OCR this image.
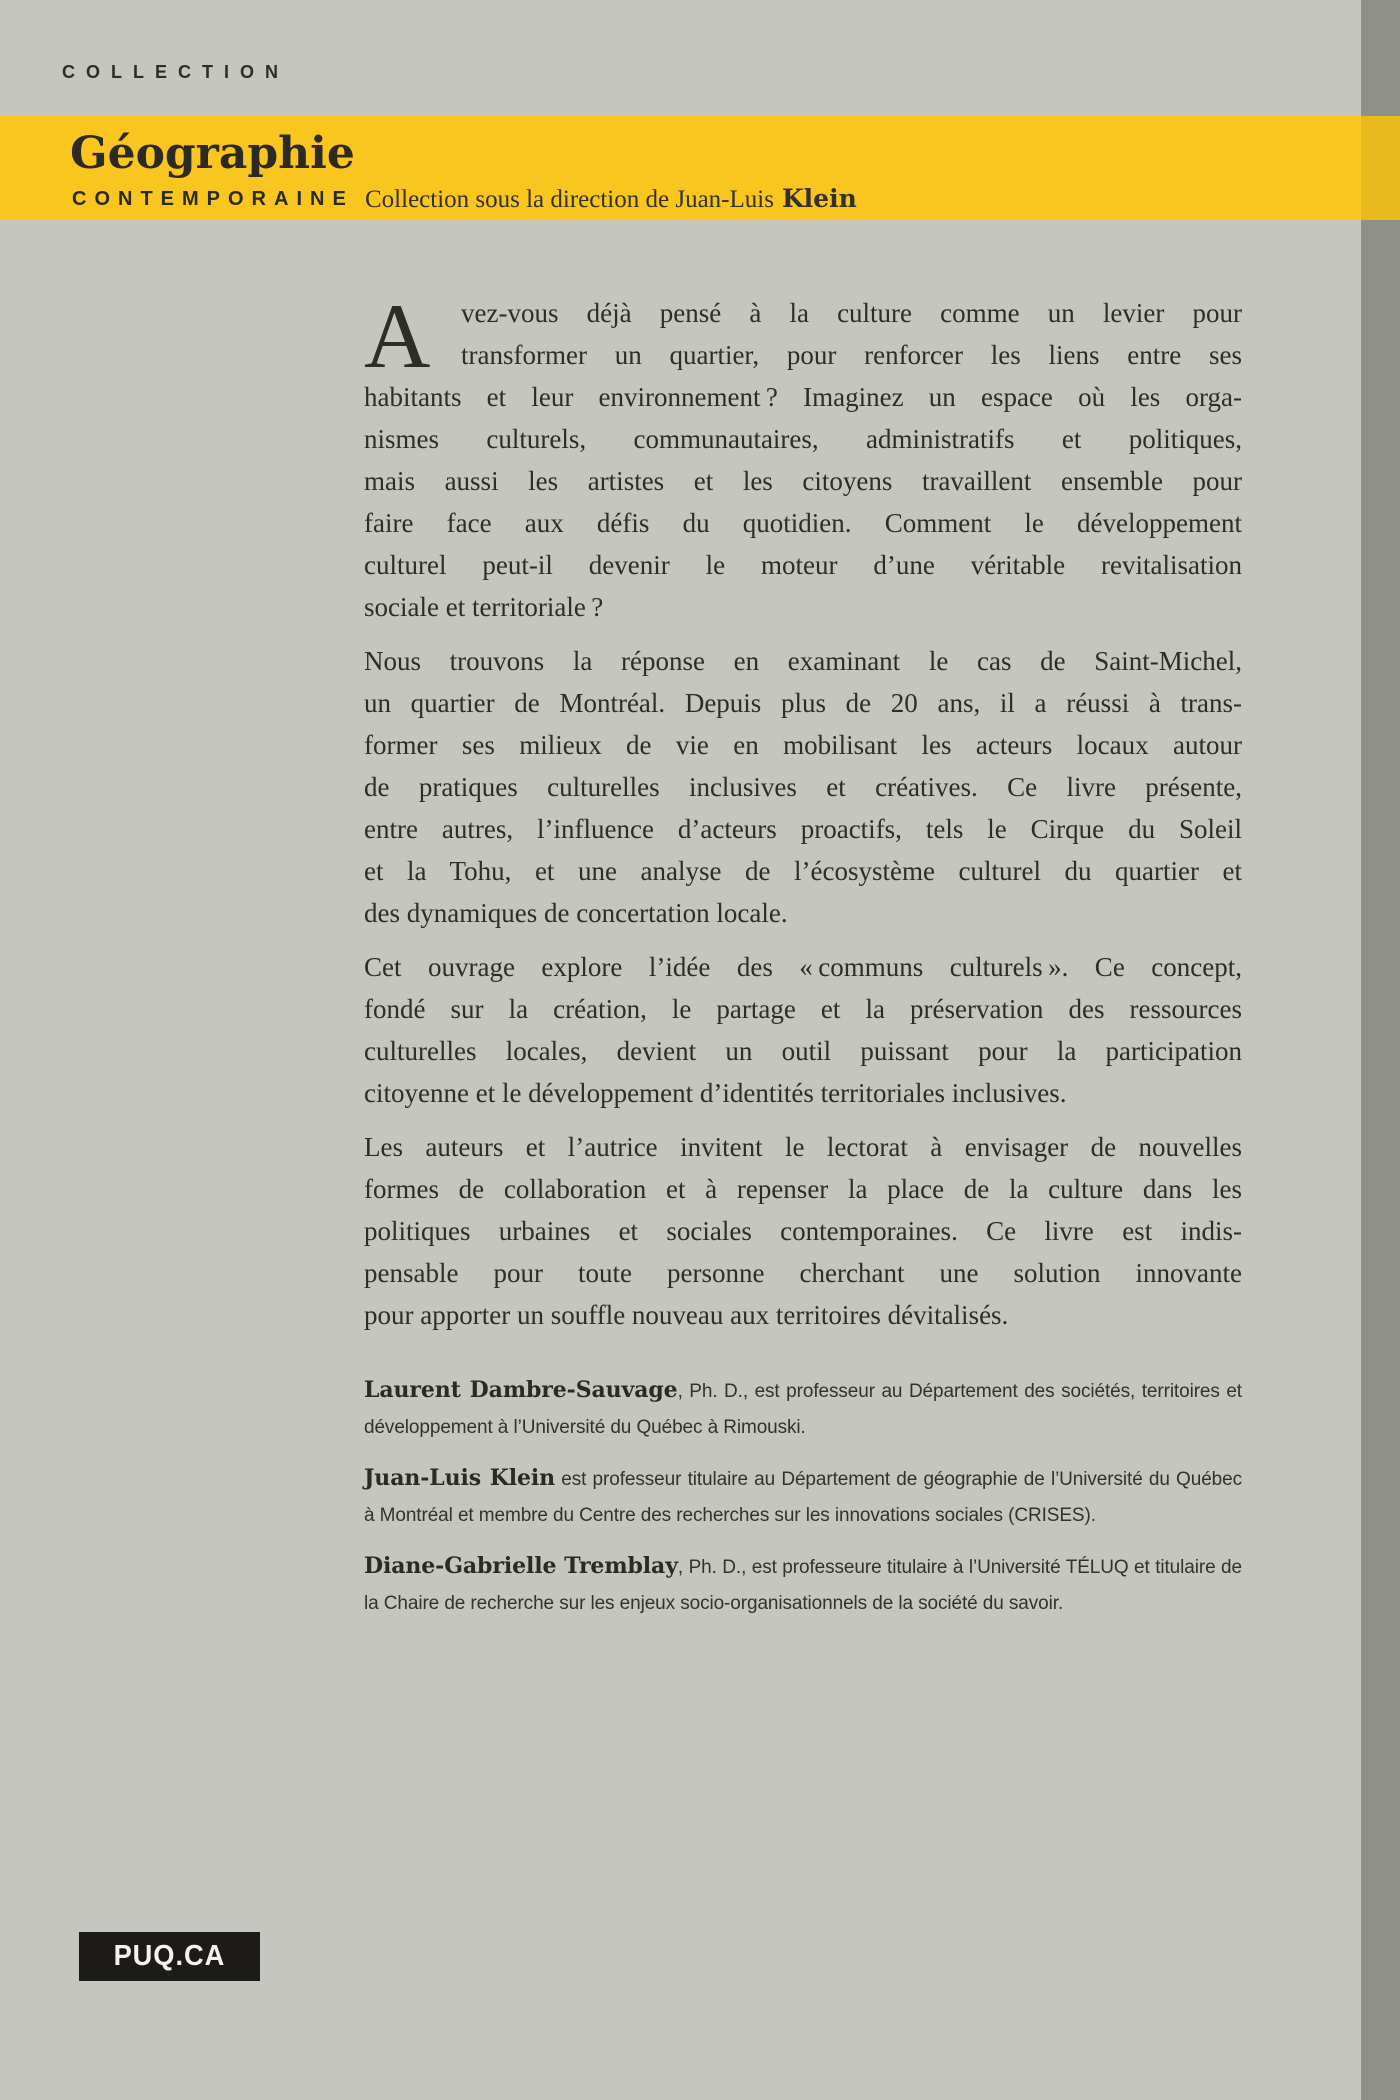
COLLECTION
Géographie
CONTEMPORAINE Collection sous la direction de Juan-Luis Klein
A vez-vous déjà pensé à la culture comme un levier pour
transformer un quartier, pour renforcer les liens entre ses
habitants et leur environnement ? Imaginez un espace où les orga-
nismes culturels, communautaires, administratifs et politiques,
mais aussi les artistes et les citoyens travaillent ensemble pour
faire face aux défis du quotidien. Comment le développement
culturel peut-il devenir le moteur d’une véritable revitalisation
sociale et territoriale ?
Nous trouvons la réponse en examinant le cas de Saint-Michel,
un quartier de Montréal. Depuis plus de 20 ans, il a réussi à trans-
former ses milieux de vie en mobilisant les acteurs locaux autour
de pratiques culturelles inclusives et créatives. Ce livre présente,
entre autres, l’influence d’acteurs proactifs, tels le Cirque du Soleil
et la Tohu, et une analyse de l’écosystème culturel du quartier et
des dynamiques de concertation locale.
Cet ouvrage explore l’idée des « communs culturels ». Ce concept,
fondé sur la création, le partage et la préservation des ressources
culturelles locales, devient un outil puissant pour la participation
citoyenne et le développement d’identités territoriales inclusives.
Les auteurs et l’autrice invitent le lectorat à envisager de nouvelles
formes de collaboration et à repenser la place de la culture dans les
politiques urbaines et sociales contemporaines. Ce livre est indis-
pensable pour toute personne cherchant une solution innovante
pour apporter un souffle nouveau aux territoires dévitalisés.
Laurent Dambre-Sauvage, Ph. D., est professeur au Département des sociétés, territoires et développement à l’Université du Québec à Rimouski.
Juan-Luis Klein est professeur titulaire au Département de géographie de l’Université du Québec à Montréal et membre du Centre des recherches sur les innovations sociales (CRISES).
Diane-Gabrielle Tremblay, Ph. D., est professeure titulaire à l’Université TÉLUQ et titulaire de la Chaire de recherche sur les enjeux socio-organisationnels de la société du savoir.
PUQ.CA
